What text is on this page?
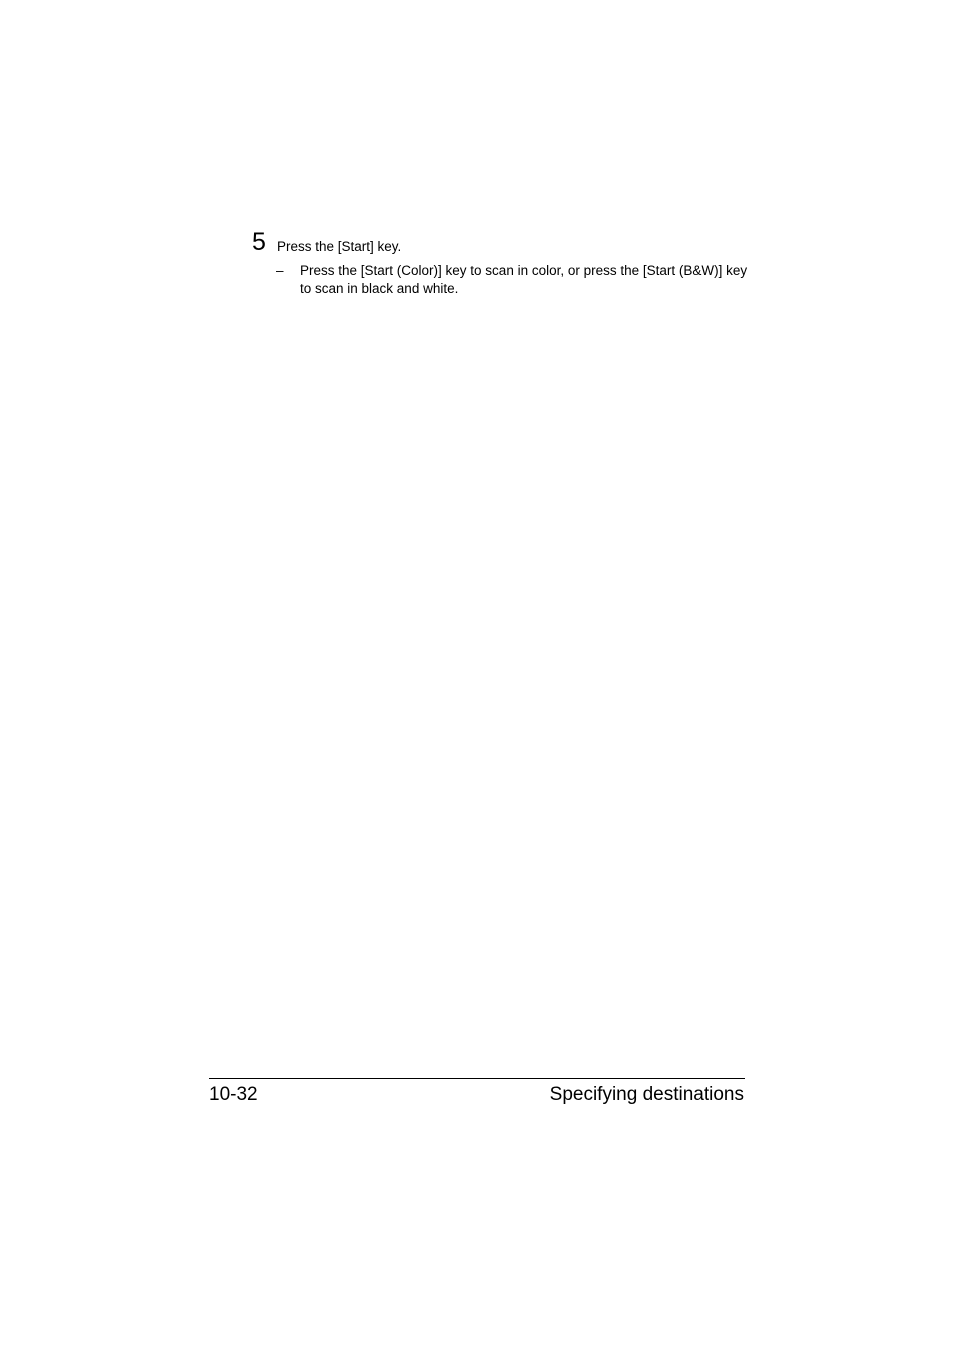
5 Press the [Start] key.
– Press the [Start (Color)] key to scan in color, or press the [Start (B&W)] key to scan in black and white.
10-32	Specifying destinations
